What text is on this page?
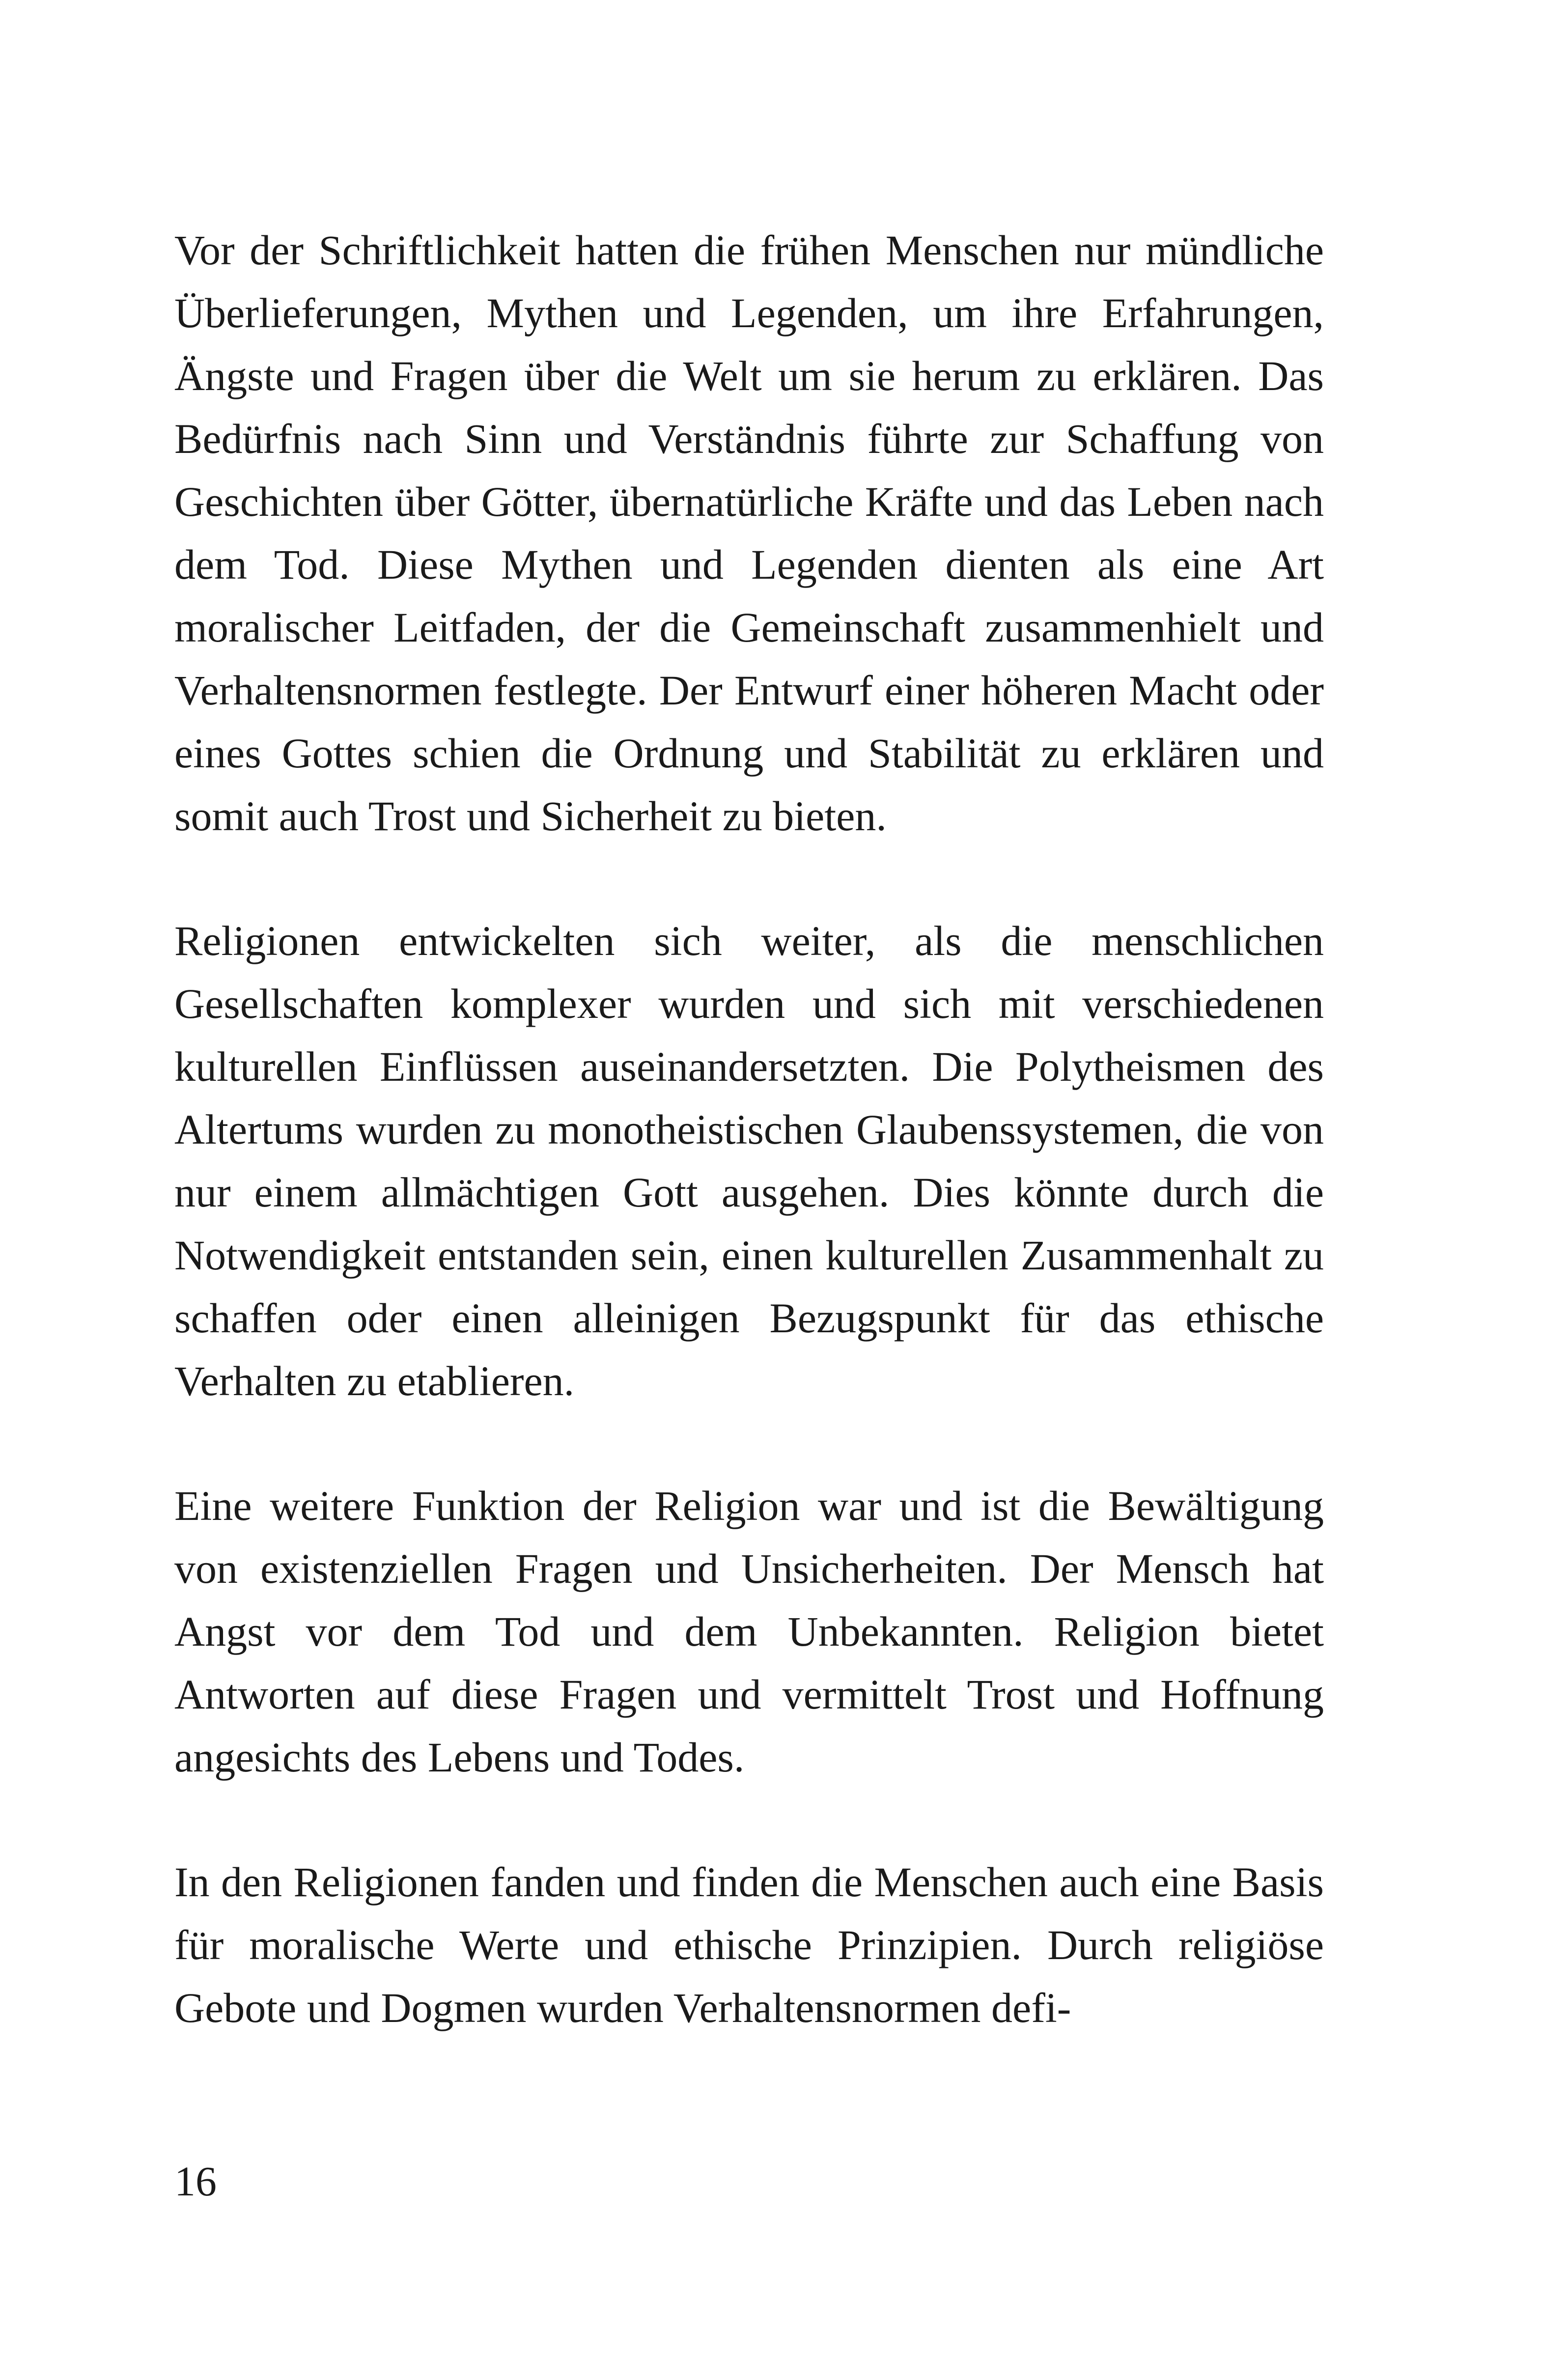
Vor der Schriftlichkeit hatten die frühen Menschen nur mündliche Überlieferungen, Mythen und Legenden, um ihre Erfahrungen, Ängste und Fragen über die Welt um sie herum zu erklären. Das Bedürfnis nach Sinn und Verständnis führte zur Schaffung von Geschichten über Götter, übernatürliche Kräfte und das Leben nach dem Tod. Diese Mythen und Legenden dienten als eine Art moralischer Leitfaden, der die Gemeinschaft zusammenhielt und Verhaltensnormen festlegte. Der Entwurf einer höheren Macht oder eines Gottes schien die Ordnung und Stabilität zu erklären und somit auch Trost und Sicherheit zu bieten.

Religionen entwickelten sich weiter, als die menschlichen Gesellschaften komplexer wurden und sich mit verschiedenen kulturellen Einflüssen auseinandersetzten. Die Polytheismen des Altertums wurden zu monotheistischen Glaubenssystemen, die von nur einem allmächtigen Gott ausgehen. Dies könnte durch die Notwendigkeit entstanden sein, einen kulturellen Zusammenhalt zu schaffen oder einen alleinigen Bezugspunkt für das ethische Verhalten zu etablieren.

Eine weitere Funktion der Religion war und ist die Bewältigung von existenziellen Fragen und Unsicherheiten. Der Mensch hat Angst vor dem Tod und dem Unbekannten. Religion bietet Antworten auf diese Fragen und vermittelt Trost und Hoffnung angesichts des Lebens und Todes.

In den Religionen fanden und finden die Menschen auch eine Basis für moralische Werte und ethische Prinzipien. Durch religiöse Gebote und Dogmen wurden Verhaltensnormen defi-

16
